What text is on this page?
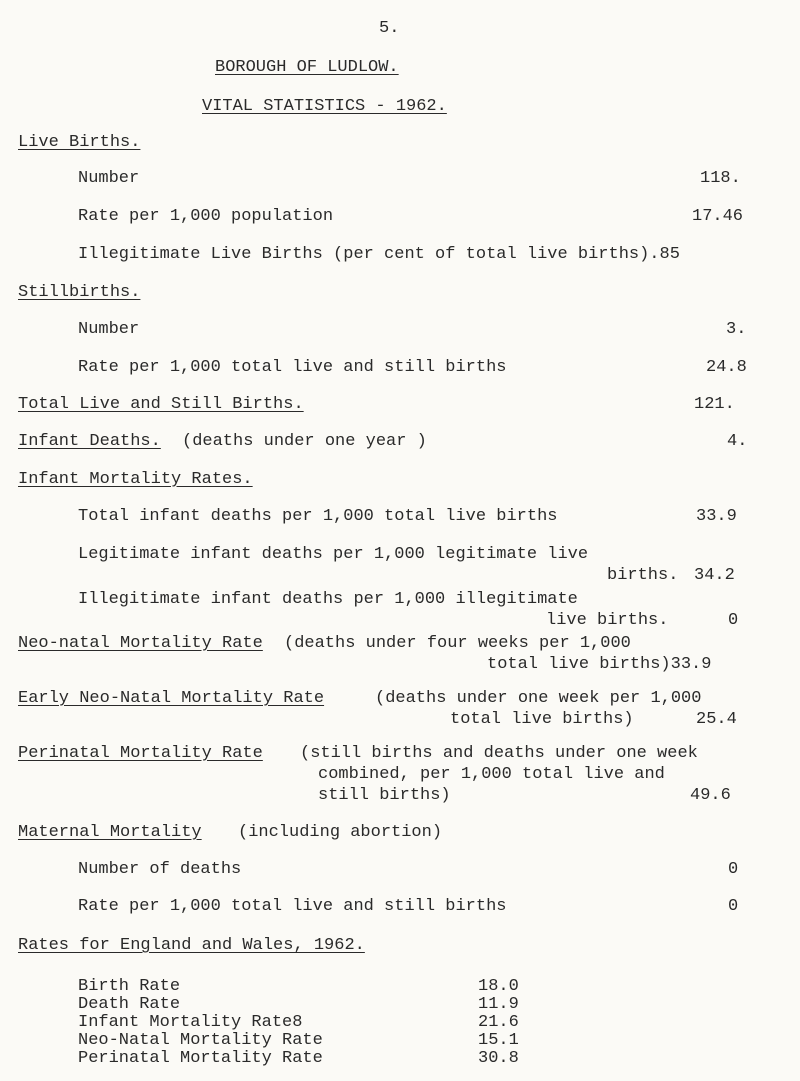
5.
BOROUGH OF LUDLOW.
VITAL STATISTICS - 1962.
Live Births.
Number	118.
Rate per 1,000 population	17.46
Illegitimate Live Births (per cent of total live births).85
Stillbirths.
Number	3.
Rate per 1,000 total live and still births	24.8
Total Live and Still Births.	121.
Infant Deaths. (deaths under one year )	4.
Infant Mortality Rates.
Total infant deaths per 1,000 total live births	33.9
Legitimate infant deaths per 1,000 legitimate live
births. 34.2
Illegitimate infant deaths per 1,000 illegitimate
live births.	0
Neo-natal Mortality Rate (deaths under four weeks per 1,000
total live births)33.9
Early Neo-Natal Mortality Rate	(deaths under one week per 1,000
total live births)	25.4
Perinatal Mortality Rate (still births and deaths under one week
combined, per 1,000 total live and
still births)	49.6
Maternal Mortality (including abortion)
Number of deaths	0
Rate per 1,000 total live and still births	0
Rates for England and Wales, 1962.
Birth Rate	18.0
Death Rate	11.9
Infant Mortality Rate8	21.6
Neo-Natal Mortality Rate	15.1
Perinatal Mortality Rate	30.8
